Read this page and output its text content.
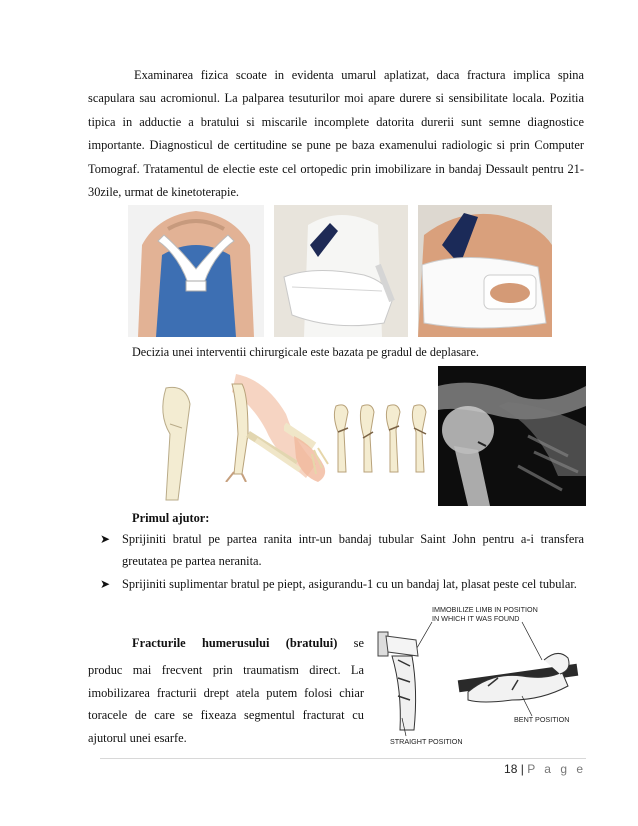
Examinarea fizica scoate in evidenta umarul aplatizat, daca fractura implica spina scapulara sau acromionul. La palparea tesuturilor moi apare durere si sensibilitate locala. Pozitia tipica in adductie a bratului si miscarile incomplete datorita durerii sunt semne diagnostice importante. Diagnosticul de certitudine se pune pe baza examenului radiologic si prin Computer Tomograf. Tratamentul de electie este cel ortopedic prin imobilizare in bandaj Dessault pentru 21-30zile, urmat de kinetoterapie.

Decizia unei interventii chirurgicale este bazata pe gradul de deplasare.

Primul ajutor:

➤ Sprijiniti bratul pe partea ranita intr-un bandaj tubular Saint John pentru a-i transfera greutatea pe partea neranita.
➤ Sprijiniti suplimentar bratul pe piept, asigurandu-1 cu un bandaj lat, plasat peste cel tubular.

Fracturile humerusului (bratului) se

produc mai frecvent prin traumatism direct. La imobilizarea fracturii drept atela putem folosi chiar toracele de care se fixeaza segmentul fracturat cu ajutorul unei esarfe.

IMMOBILIZE LIMB IN POSITION
IN WHICH IT WAS FOUND
BENT POSITION
STRAIGHT POSITION
18 | P a g e
